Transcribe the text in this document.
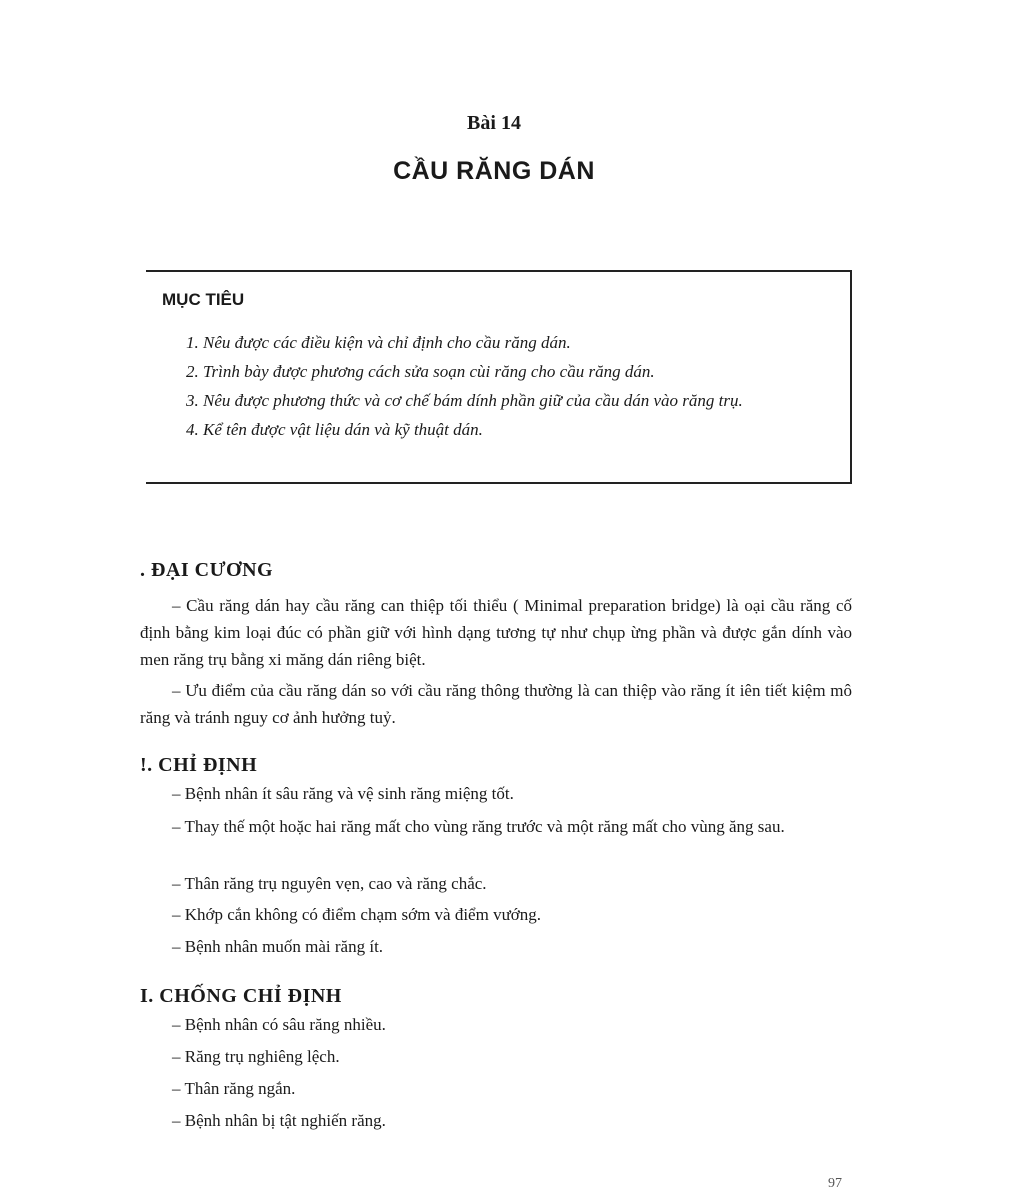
Bài 14
CẦU RĂNG DÁN
MỤC TIÊU
1. Nêu được các điều kiện và chỉ định cho cầu răng dán.
2. Trình bày được phương cách sửa soạn cùi răng cho cầu răng dán.
3. Nêu được phương thức và cơ chế bám dính phần giữ của cầu dán vào răng trụ.
4. Kể tên được vật liệu dán và kỹ thuật dán.
. ĐẠI CƯƠNG
– Cầu răng dán hay cầu răng can thiệp tối thiểu ( Minimal preparation bridge) là oại cầu răng cố định bằng kim loại đúc có phần giữ với hình dạng tương tự như chụp ừng phần và được gắn dính vào men răng trụ bằng xi măng dán riêng biệt.
– Ưu điểm của cầu răng dán so với cầu răng thông thường là can thiệp vào răng ít iên tiết kiệm mô răng và tránh nguy cơ ảnh hưởng tuỷ.
!. CHỈ ĐỊNH
– Bệnh nhân ít sâu răng và vệ sinh răng miệng tốt.
– Thay thế một hoặc hai răng mất cho vùng răng trước và một răng mất cho vùng ăng sau.
– Thân răng trụ nguyên vẹn, cao và răng chắc.
– Khớp cắn không có điểm chạm sớm và điểm vướng.
– Bệnh nhân muốn mài răng ít.
I. CHỐNG CHỈ ĐỊNH
– Bệnh nhân có sâu răng nhiều.
– Răng trụ nghiêng lệch.
– Thân răng ngắn.
– Bệnh nhân bị tật nghiến răng.
97
